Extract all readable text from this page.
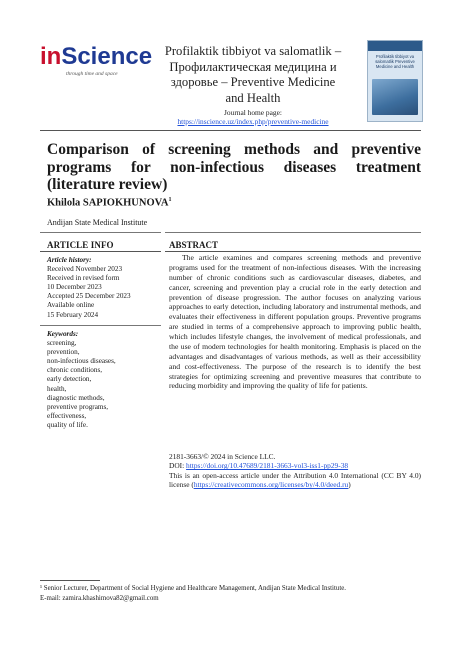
inScience
through time and space
Profilaktik tibbiyot va salomatlik –
Профилактическая медицина и
здоровье – Preventive Medicine
and Health
Journal home page:
https://inscience.uz/index.php/preventive-medicine
Profilaktik tibbiyot va salomatlik Preventive Medicine and Health
Comparison of screening methods and preventive programs for non-infectious diseases treatment (literature review)
Khilola SAPIOKHUNOVA$^1$
Andijan State Medical Institute
ARTICLE INFO
Article history:
Received November 2023
Received in revised form
10 December 2023
Accepted 25 December 2023
Available online
15 February 2024
Keywords:
screening,
prevention,
non-infectious diseases,
chronic conditions,
early detection,
health,
diagnostic methods,
preventive programs,
effectiveness,
quality of life.
ABSTRACT

The article examines and compares screening methods and preventive programs used for the treatment of non-infectious diseases. With the increasing number of chronic conditions such as cardiovascular diseases, diabetes, and cancer, screening and prevention play a crucial role in the early detection and prevention of disease progression. The author focuses on analyzing various approaches to early detection, including laboratory and instrumental methods, and evaluates their effectiveness in different population groups. Preventive programs are studied in terms of a comprehensive approach to improving public health, which includes lifestyle changes, the involvement of medical professionals, and the use of modern technologies for health monitoring. Emphasis is placed on the advantages and disadvantages of various methods, as well as their accessibility and cost-effectiveness. The purpose of the research is to identify the best strategies for optimizing screening and preventive measures that contribute to reducing morbidity and improving the quality of life for patients.

2181-3663/© 2024 in Science LLC.
DOI: https://doi.org/10.47689/2181-3663-vol3-iss1-pp29-38
This is an open-access article under the Attribution 4.0 International (CC BY 4.0) license (https://creativecommons.org/licenses/by/4.0/deed.ru)
¹ Senior Lecturer, Department of Social Hygiene and Healthcare Management, Andijan State Medical Institute.
E-mail: zamira.khashimova82@gmail.com
